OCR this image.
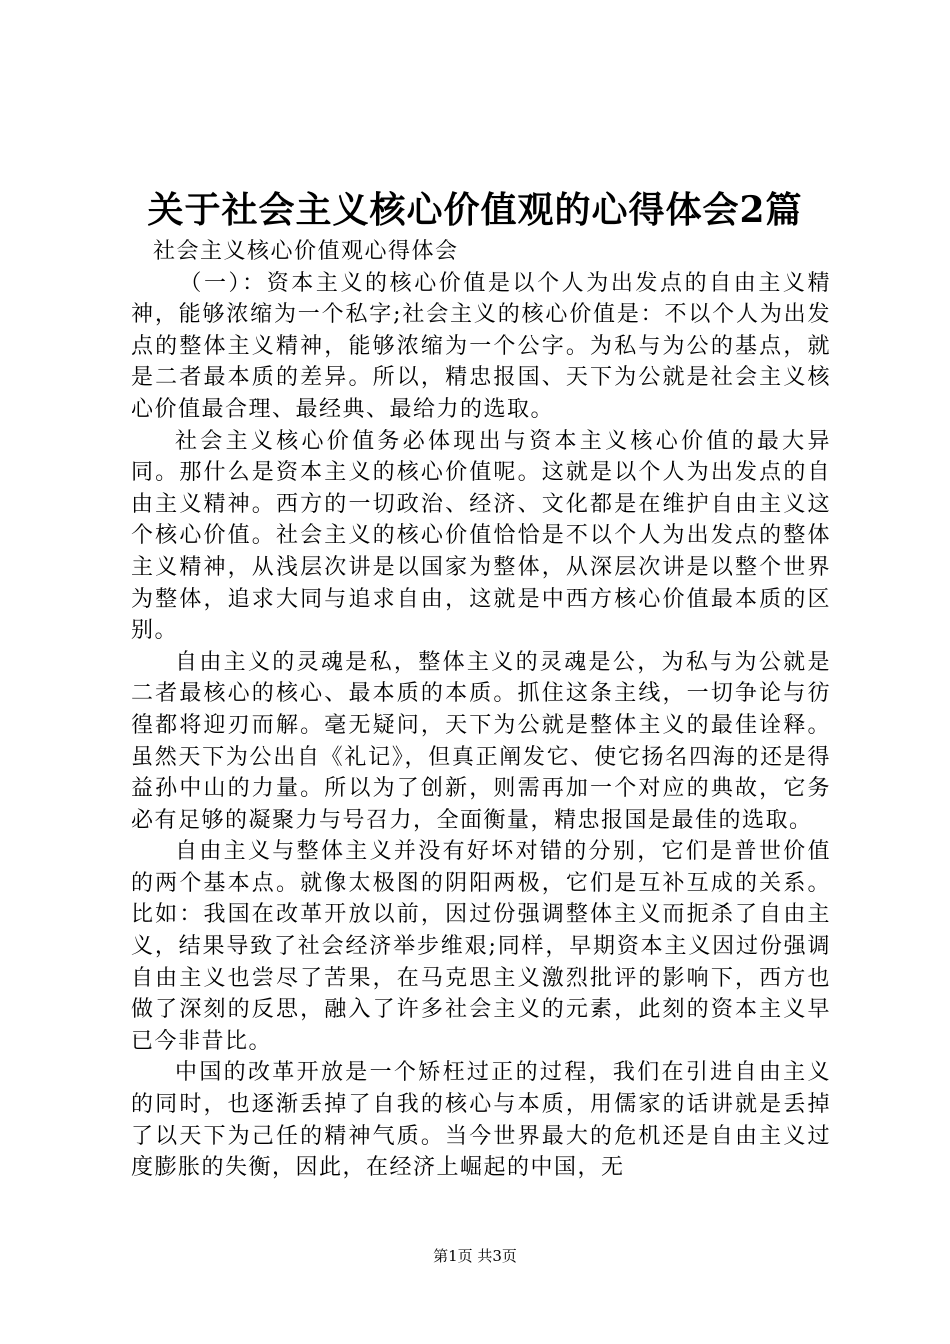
关于社会主义核心价值观的心得体会2篇

社会主义核心价值观心得体会

（一）：资本主义的核心价值是以个人为出发点的自由主义精神，能够浓缩为一个私字;社会主义的核心价值是：不以个人为出发点的整体主义精神，能够浓缩为一个公字。为私与为公的基点，就是二者最本质的差异。所以，精忠报国、天下为公就是社会主义核心价值最合理、最经典、最给力的选取。

社会主义核心价值务必体现出与资本主义核心价值的最大异同。那什么是资本主义的核心价值呢。这就是以个人为出发点的自由主义精神。西方的一切政治、经济、文化都是在维护自由主义这个核心价值。社会主义的核心价值恰恰是不以个人为出发点的整体主义精神，从浅层次讲是以国家为整体，从深层次讲是以整个世界为整体，追求大同与追求自由，这就是中西方核心价值最本质的区别。

自由主义的灵魂是私，整体主义的灵魂是公，为私与为公就是二者最核心的核心、最本质的本质。抓住这条主线，一切争论与彷徨都将迎刃而解。毫无疑问，天下为公就是整体主义的最佳诠释。虽然天下为公出自《礼记》，但真正阐发它、使它扬名四海的还是得益孙中山的力量。所以为了创新，则需再加一个对应的典故，它务必有足够的凝聚力与号召力，全面衡量，精忠报国是最佳的选取。

自由主义与整体主义并没有好坏对错的分别，它们是普世价值的两个基本点。就像太极图的阴阳两极，它们是互补互成的关系。比如：我国在改革开放以前，因过份强调整体主义而扼杀了自由主义，结果导致了社会经济举步维艰;同样，早期资本主义因过份强调自由主义也尝尽了苦果，在马克思主义激烈批评的影响下，西方也做了深刻的反思，融入了许多社会主义的元素，此刻的资本主义早已今非昔比。

中国的改革开放是一个矫枉过正的过程，我们在引进自由主义的同时，也逐渐丢掉了自我的核心与本质，用儒家的话讲就是丢掉了以天下为己任的精神气质。当今世界最大的危机还是自由主义过度膨胀的失衡，因此，在经济上崛起的中国，无

第1页 共3页
